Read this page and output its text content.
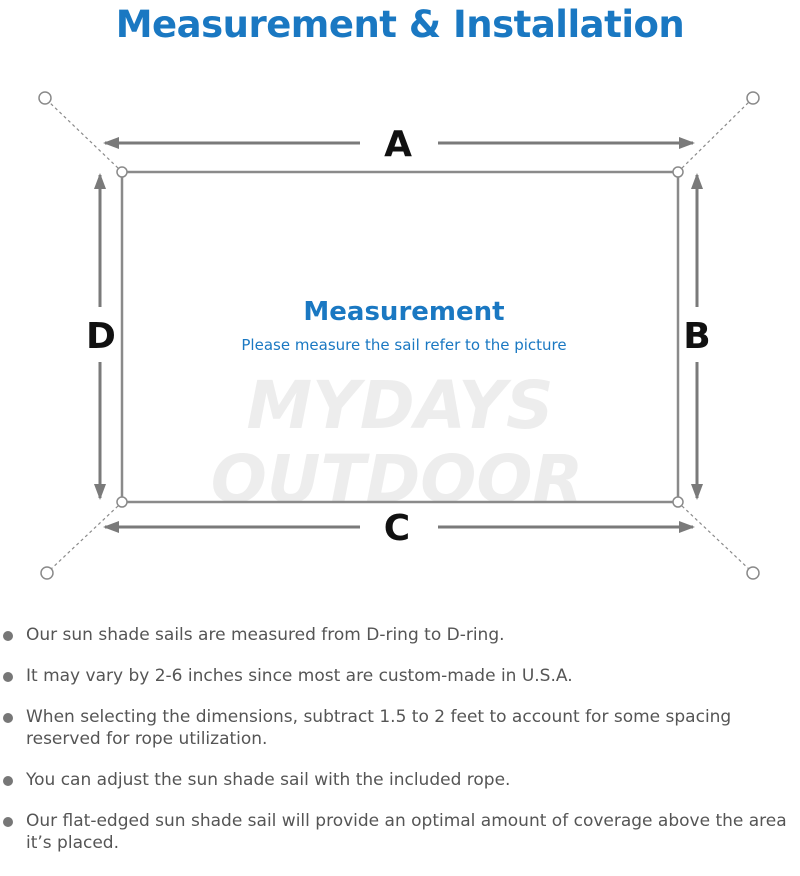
Measurement & Installation
MYDAYS
OUTDOOR
A
C
D	B
Measurement
Please measure the sail refer to the picture
Our sun shade sails are measured from D-ring to D-ring.
It may vary by 2-6 inches since most are custom-made in U.S.A.
When selecting the dimensions, subtract 1.5 to 2 feet to account for some spacing reserved for rope utilization.
You can adjust the sun shade sail with the included rope.
Our flat-edged sun shade sail will provide an optimal amount of coverage above the area it’s placed.
